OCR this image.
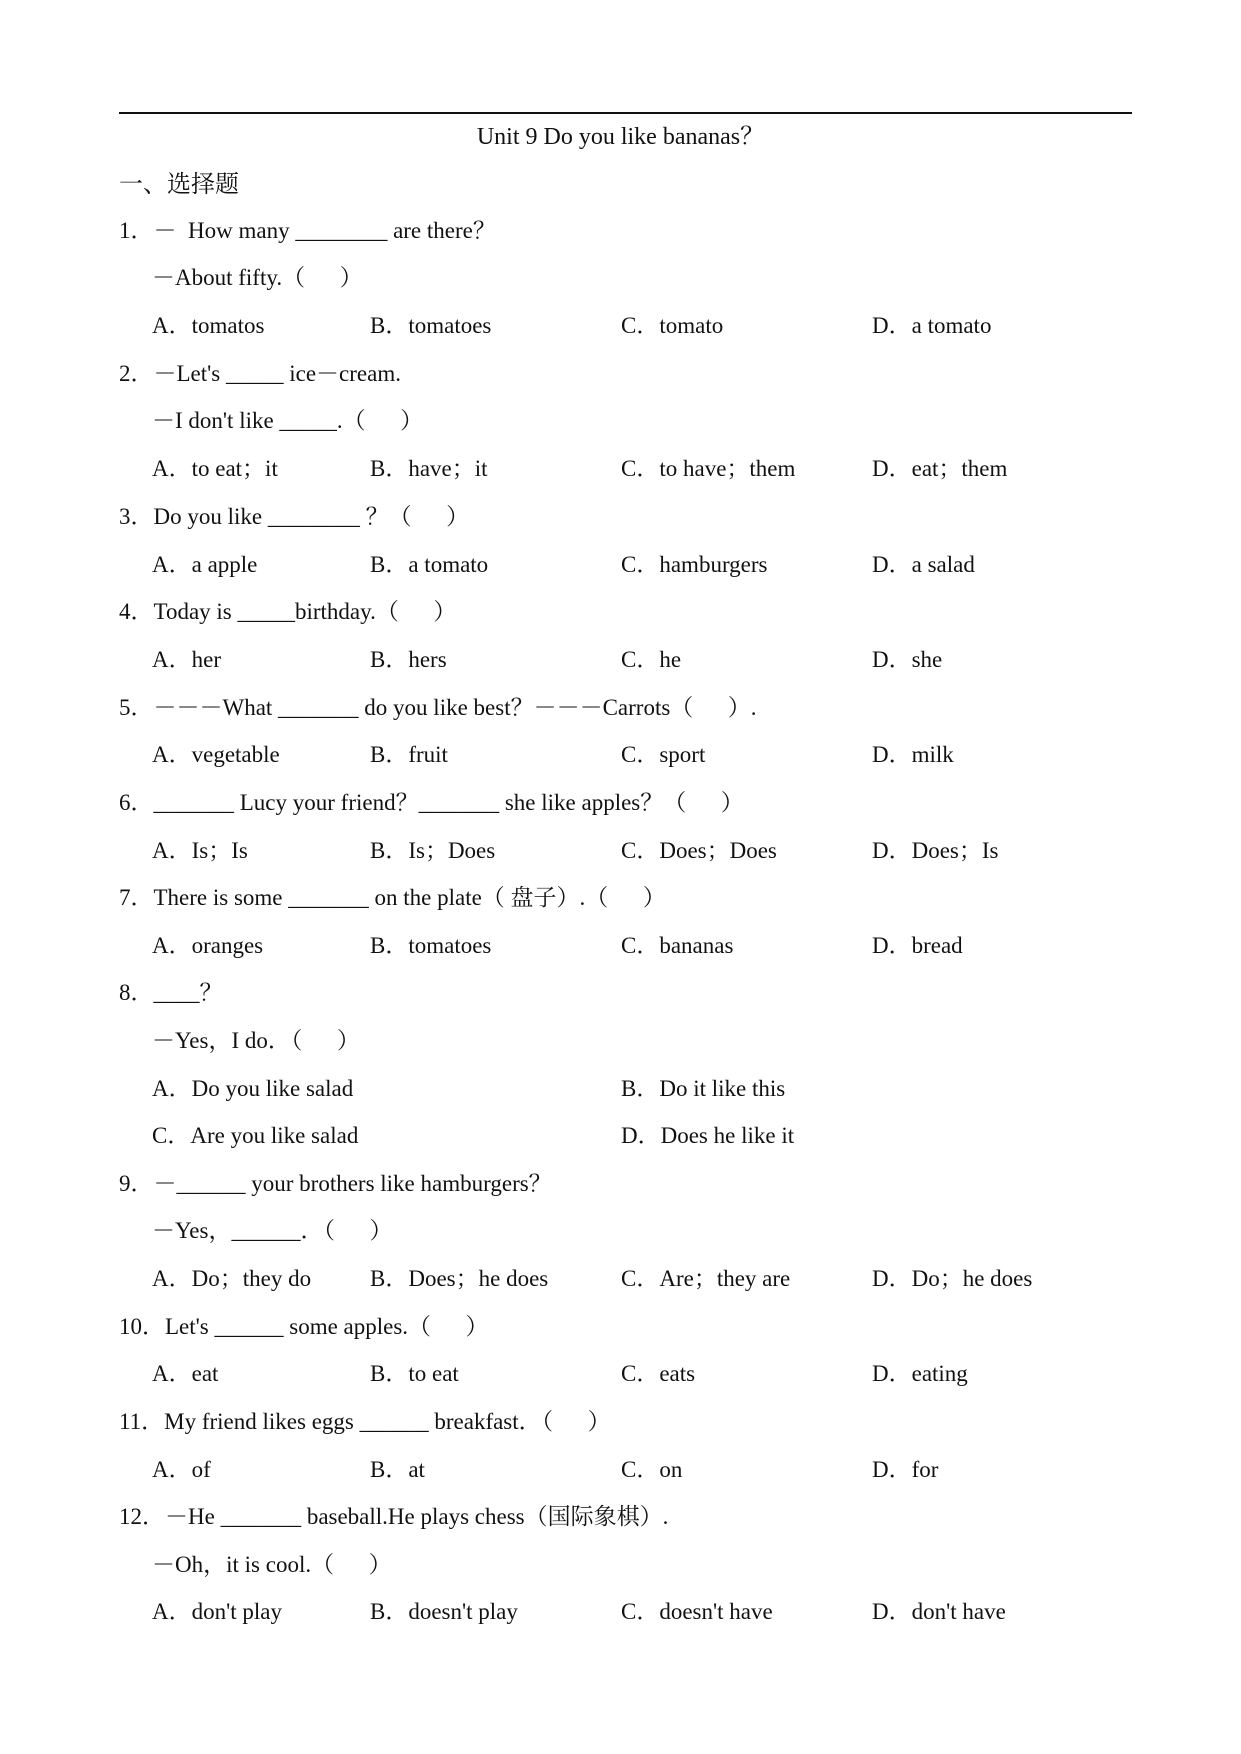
Unit 9 Do you like bananas？
一、选择题
1．－  How many ________ are there？
－About fifty.（      ）
A．tomatos	B．tomatoes	C．tomato	D．a tomato
2．－Let's _____ ice－cream.
－I don't like _____.（      ）
A．to eat；it	B．have；it	C．to have；them	D．eat；them
3．Do you like ________ ？（      ）
A．a apple	B．a tomato	C．hamburgers	D．a salad
4．Today is _____birthday.（      ）
A．her	B．hers	C．he	D．she
5．－－－What _______ do you like best？－－－Carrots（      ）.
A．vegetable	B．fruit	C．sport	D．milk
6．_______ Lucy your friend？_______ she like apples？（      ）
A．Is；Is	B．Is；Does	C．Does；Does	D．Does；Is
7．There is some _______ on the plate（ 盘子）.（      ）
A．oranges	B．tomatoes	C．bananas	D．bread
8．____？
－Yes，I do．（      ）
A．Do you like salad	B．Do it like this
C．Are you like salad	D．Does he like it
9．－______ your brothers like hamburgers？
－Yes，______．（      ）
A．Do；they do	B．Does；he does	C．Are；they are	D．Do；he does
10．Let's ______ some apples.（      ）
A．eat	B．to eat	C．eats	D．eating
11．My friend likes eggs ______ breakfast．（      ）
A．of	B．at	C．on	D．for
12．－He _______ baseball.He plays chess（国际象棋）.
－Oh，it is cool.（      ）
A．don't play	B．doesn't play	C．doesn't have	D．don't have
